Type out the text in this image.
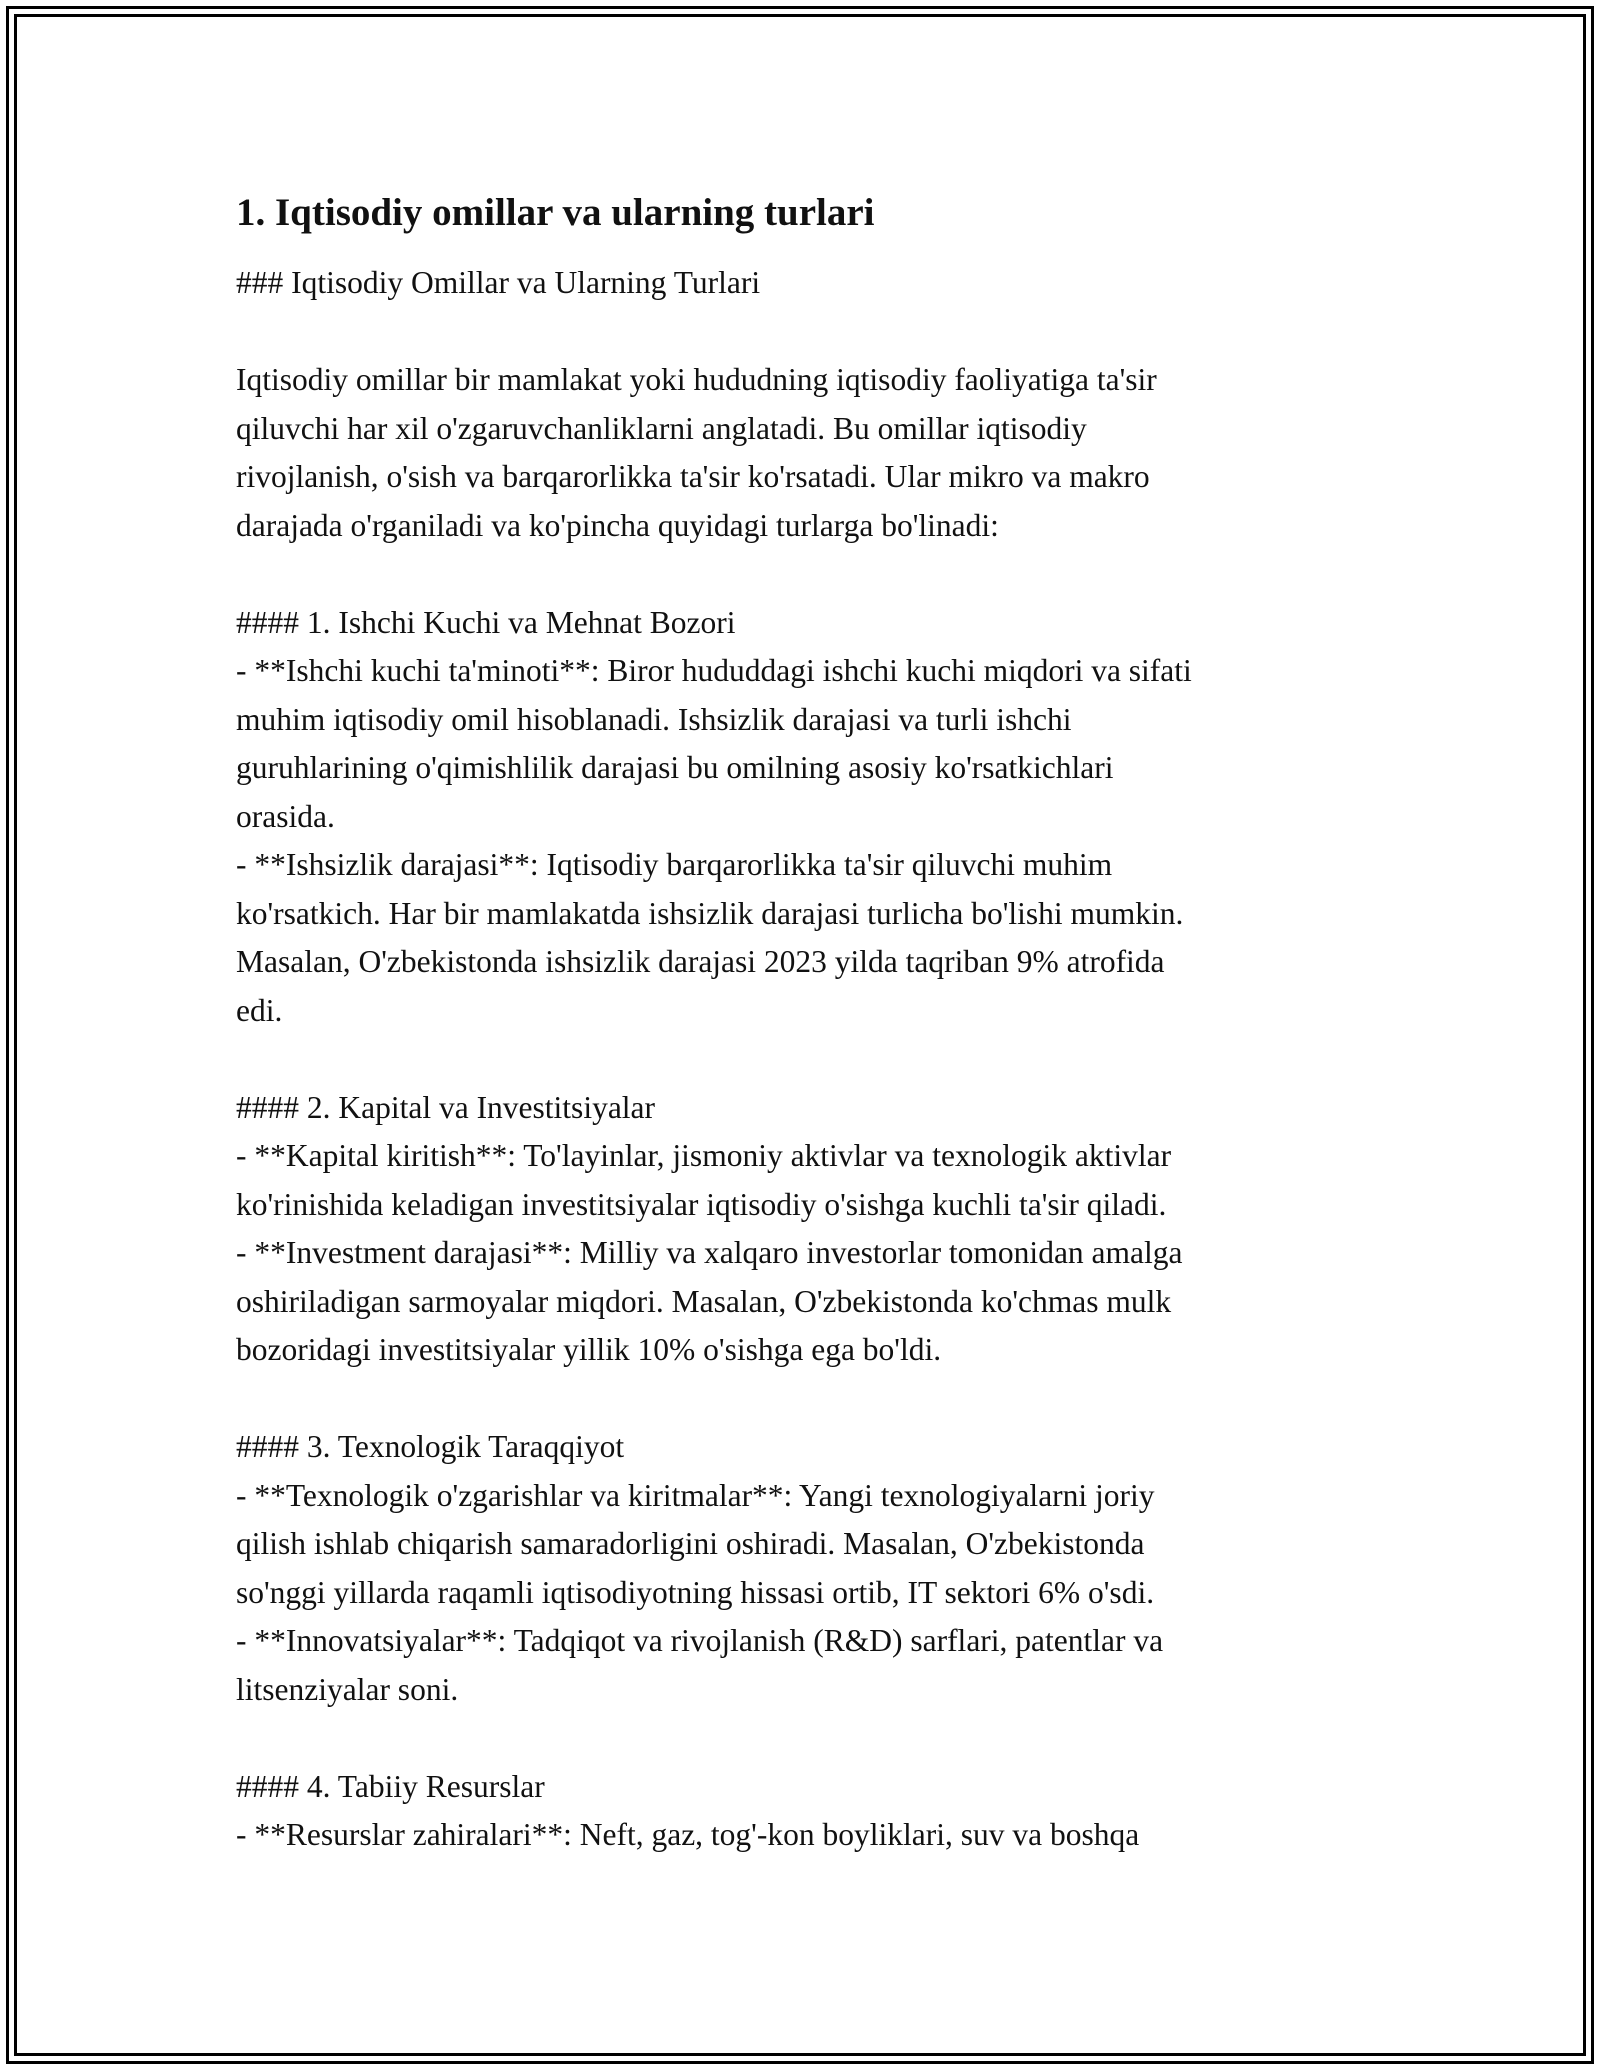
1. Iqtisodiy omillar va ularning turlari
### Iqtisodiy Omillar va Ularning Turlari
Iqtisodiy omillar bir mamlakat yoki hududning iqtisodiy faoliyatiga ta'sir
qiluvchi har xil o'zgaruvchanliklarni anglatadi. Bu omillar iqtisodiy
rivojlanish, o'sish va barqarorlikka ta'sir ko'rsatadi. Ular mikro va makro
darajada o'rganiladi va ko'pincha quyidagi turlarga bo'linadi:
#### 1. Ishchi Kuchi va Mehnat Bozori
- **Ishchi kuchi ta'minoti**: Biror hududdagi ishchi kuchi miqdori va sifati
muhim iqtisodiy omil hisoblanadi. Ishsizlik darajasi va turli ishchi
guruhlarining o'qimishlilik darajasi bu omilning asosiy ko'rsatkichlari
orasida.
- **Ishsizlik darajasi**: Iqtisodiy barqarorlikka ta'sir qiluvchi muhim
ko'rsatkich. Har bir mamlakatda ishsizlik darajasi turlicha bo'lishi mumkin.
Masalan, O'zbekistonda ishsizlik darajasi 2023 yilda taqriban 9% atrofida
edi.
#### 2. Kapital va Investitsiyalar
- **Kapital kiritish**: To'layinlar, jismoniy aktivlar va texnologik aktivlar
ko'rinishida keladigan investitsiyalar iqtisodiy o'sishga kuchli ta'sir qiladi.
- **Investment darajasi**: Milliy va xalqaro investorlar tomonidan amalga
oshiriladigan sarmoyalar miqdori. Masalan, O'zbekistonda ko'chmas mulk
bozoridagi investitsiyalar yillik 10% o'sishga ega bo'ldi.
#### 3. Texnologik Taraqqiyot
- **Texnologik o'zgarishlar va kiritmalar**: Yangi texnologiyalarni joriy
qilish ishlab chiqarish samaradorligini oshiradi. Masalan, O'zbekistonda
so'nggi yillarda raqamli iqtisodiyotning hissasi ortib, IT sektori 6% o'sdi.
- **Innovatsiyalar**: Tadqiqot va rivojlanish (R&D) sarflari, patentlar va
litsenziyalar soni.
#### 4. Tabiiy Resurslar
- **Resurslar zahiralari**: Neft, gaz, tog'-kon boyliklari, suv va boshqa
